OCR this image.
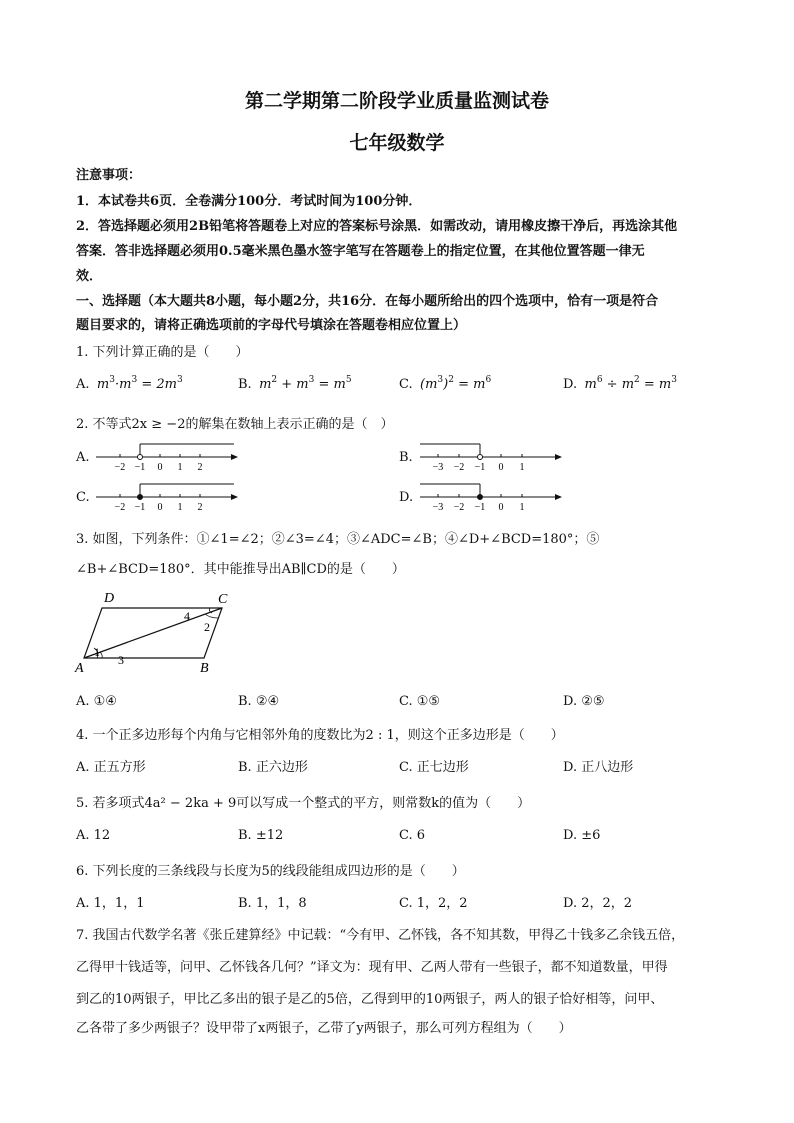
第二学期第二阶段学业质量监测试卷
七年级数学
注意事项：
1．本试卷共6页．全卷满分100分．考试时间为100分钟．
2．答选择题必须用2B铅笔将答题卷上对应的答案标号涂黑．如需改动，请用橡皮擦干净后，再选涂其他
答案．答非选择题必须用0.5毫米黑色墨水签字笔写在答题卷上的指定位置，在其他位置答题一律无
效．
一、选择题（本大题共8小题，每小题2分，共16分．在每小题所给出的四个选项中，恰有一项是符合
题目要求的，请将正确选项前的字母代号填涂在答题卷相应位置上）
1. 下列计算正确的是（　　）
A.  $m^3\cdot m^3 = 2m^3$	B.  $m^2 + m^3 = m^5$	C.  $(m^3)^2 = m^6$	D.  $m^6 \div m^2 = m^3$
2. 不等式2x ≥ −2的解集在数轴上表示正确的是（　）
A.
−2 −1 0 1 2
B.
−3 −2 −1 0 1
C.
−2 −1 0 1 2
D.
−3 −2 −1 0 1
3. 如图，下列条件：①∠1=∠2；②∠3=∠4；③∠ADC=∠B；④∠D+∠BCD=180°；⑤
∠B+∠BCD=180°．其中能推导出AB∥CD的是（　　）
D	C
A	B
1
2
3
4
A. ①④	B. ②④	C. ①⑤	D. ②⑤
4. 一个正多边形每个内角与它相邻外角的度数比为2 : 1，则这个正多边形是（　　）
A. 正五方形	B. 正六边形	C. 正七边形	D. 正八边形
5. 若多项式4a² − 2ka + 9可以写成一个整式的平方，则常数k的值为（　　）
A. 12	B. ±12	C. 6	D. ±6
6. 下列长度的三条线段与长度为5的线段能组成四边形的是（　　）
A. 1，1，1	B. 1，1，8	C. 1，2，2	D. 2，2，2
7. 我国古代数学名著《张丘建算经》中记载：“今有甲、乙怀钱，各不知其数，甲得乙十钱多乙余钱五倍，
乙得甲十钱适等，问甲、乙怀钱各几何？”译文为：现有甲、乙两人带有一些银子，都不知道数量，甲得
到乙的10两银子，甲比乙多出的银子是乙的5倍，乙得到甲的10两银子，两人的银子恰好相等，问甲、
乙各带了多少两银子？设甲带了x两银子，乙带了y两银子，那么可列方程组为（　　）
